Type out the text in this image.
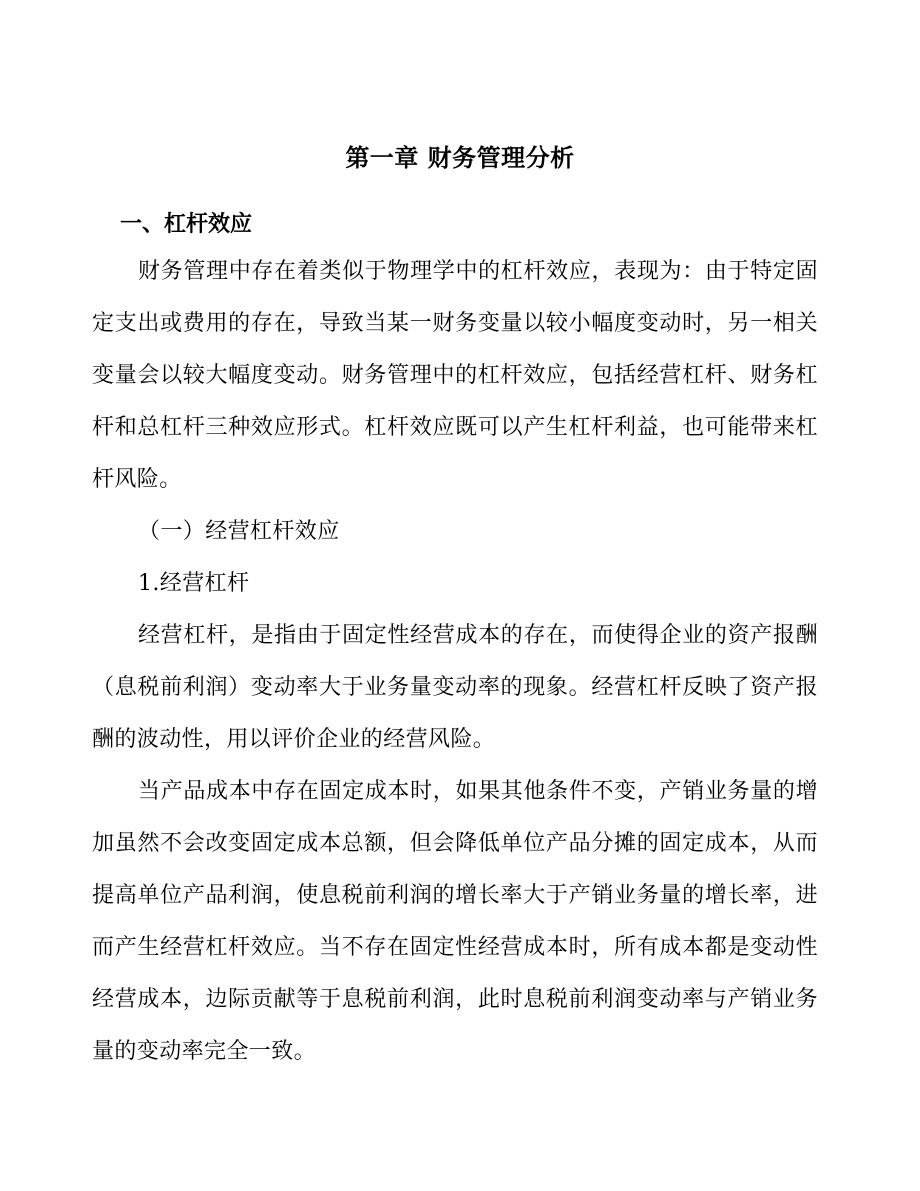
第一章 财务管理分析
一、杠杆效应

财务管理中存在着类似于物理学中的杠杆效应，表现为：由于特定固定支出或费用的存在，导致当某一财务变量以较小幅度变动时，另一相关变量会以较大幅度变动。财务管理中的杠杆效应，包括经营杠杆、财务杠杆和总杠杆三种效应形式。杠杆效应既可以产生杠杆利益，也可能带来杠杆风险。

（一）经营杠杆效应
1.经营杠杆

经营杠杆，是指由于固定性经营成本的存在，而使得企业的资产报酬（息税前利润）变动率大于业务量变动率的现象。经营杠杆反映了资产报酬的波动性，用以评价企业的经营风险。

当产品成本中存在固定成本时，如果其他条件不变，产销业务量的增加虽然不会改变固定成本总额，但会降低单位产品分摊的固定成本，从而提高单位产品利润，使息税前利润的增长率大于产销业务量的增长率，进而产生经营杠杆效应。当不存在固定性经营成本时，所有成本都是变动性经营成本，边际贡献等于息税前利润，此时息税前利润变动率与产销业务量的变动率完全一致。
